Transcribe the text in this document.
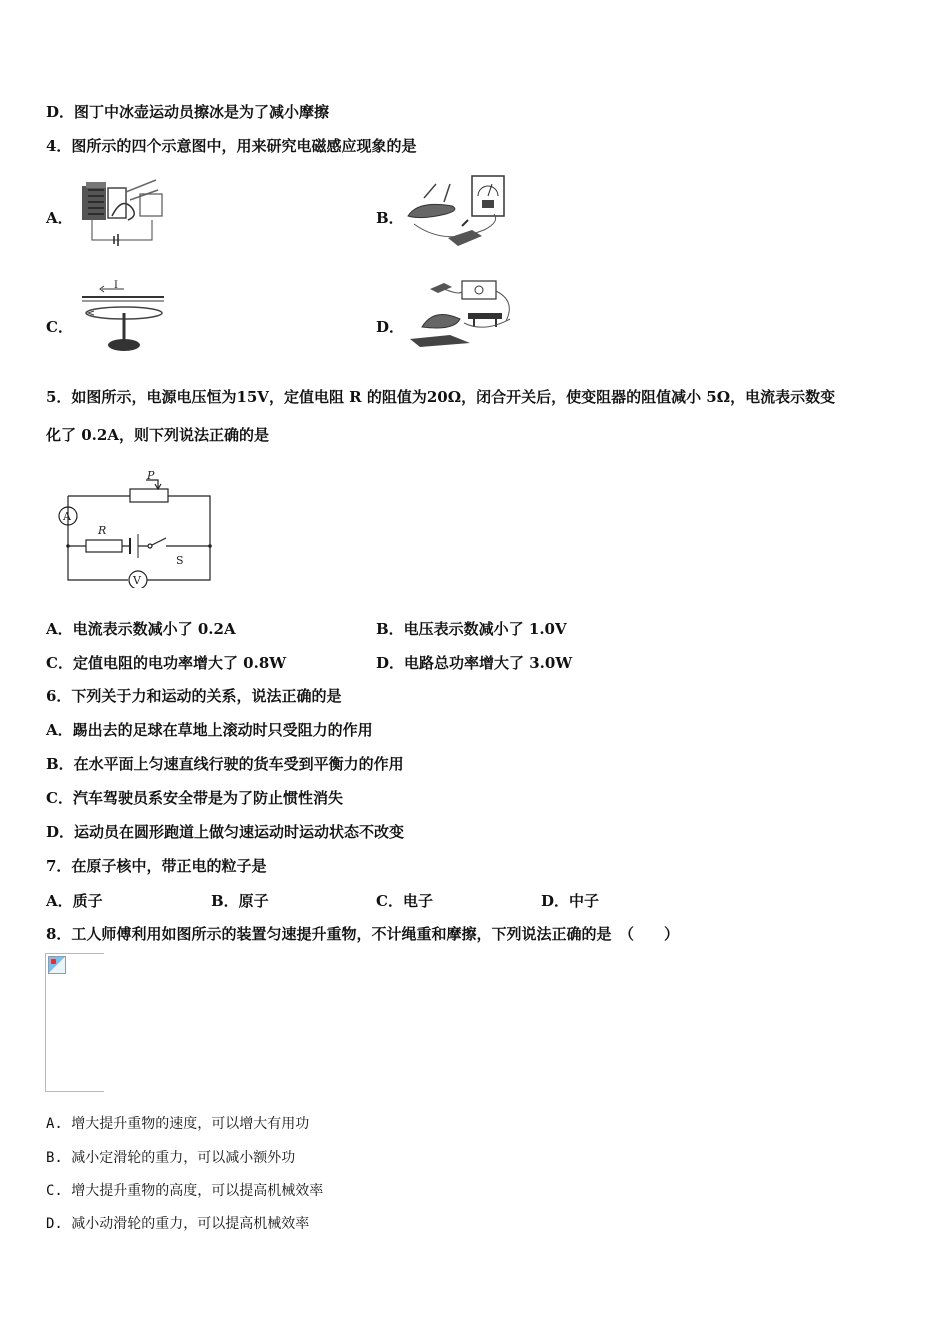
D．图丁中冰壶运动员擦冰是为了减小摩擦
4．图所示的四个示意图中，用来研究电磁感应现象的是
A．	B．
C．
I
D．
5．如图所示，电源电压恒为15V，定值电阻 R 的阻值为20Ω，闭合开关后，使变阻器的阻值减小 5Ω，电流表示数变
化了 0.2A，则下列说法正确的是
P
A
R
S
V
A．电流表示数减小了 0.2A	B．电压表示数减小了 1.0V
C．定值电阻的电功率增大了 0.8W	D．电路总功率增大了 3.0W
6．下列关于力和运动的关系，说法正确的是
A．踢出去的足球在草地上滚动时只受阻力的作用
B．在水平面上匀速直线行驶的货车受到平衡力的作用
C．汽车驾驶员系安全带是为了防止惯性消失
D．运动员在圆形跑道上做匀速运动时运动状态不改变
7．在原子核中，带正电的粒子是
A．质子	B．原子	C．电子	D．中子
8．工人师傅利用如图所示的装置匀速提升重物，不计绳重和摩擦，下列说法正确的是　（　　）
A. 增大提升重物的速度，可以增大有用功
B. 减小定滑轮的重力，可以减小额外功
C. 增大提升重物的高度，可以提高机械效率
D. 减小动滑轮的重力，可以提高机械效率
